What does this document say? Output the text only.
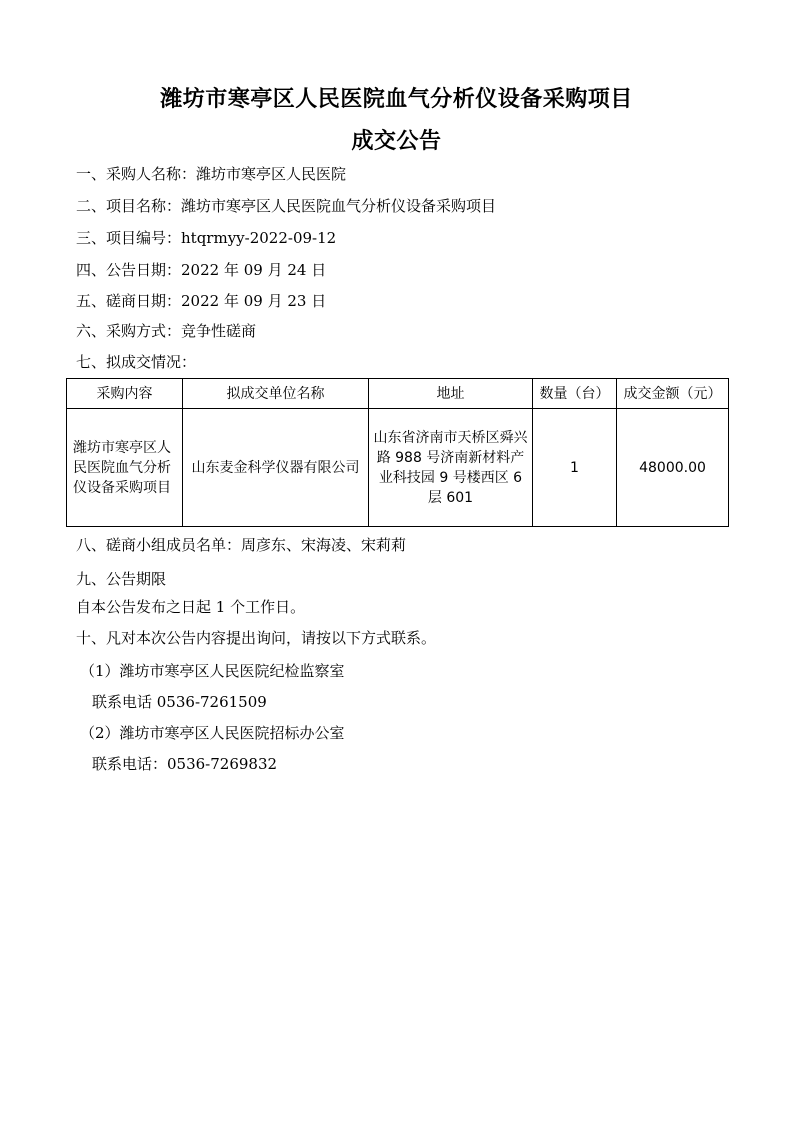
潍坊市寒亭区人民医院血气分析仪设备采购项目
成交公告

一、采购人名称：潍坊市寒亭区人民医院

二、项目名称：潍坊市寒亭区人民医院血气分析仪设备采购项目

三、项目编号：htqrmyy-2022-09-12

四、公告日期：2022 年 09 月 24 日

五、磋商日期：2022 年 09 月 23 日

六、采购方式：竞争性磋商

七、拟成交情况：

采购内容	拟成交单位名称	地址	数量（台）	成交金额（元）
潍坊市寒亭区人民医院血气分析仪设备采购项目	山东麦金科学仪器有限公司	山东省济南市天桥区舜兴路 988 号济南新材料产业科技园 9 号楼西区 6 层 601	1	48000.00

八、磋商小组成员名单：周彦东、宋海凌、宋莉莉

九、公告期限

自本公告发布之日起 1 个工作日。

十、凡对本次公告内容提出询问，请按以下方式联系。

（1）潍坊市寒亭区人民医院纪检监察室

联系电话 0536-7261509

（2）潍坊市寒亭区人民医院招标办公室

联系电话：0536-7269832
